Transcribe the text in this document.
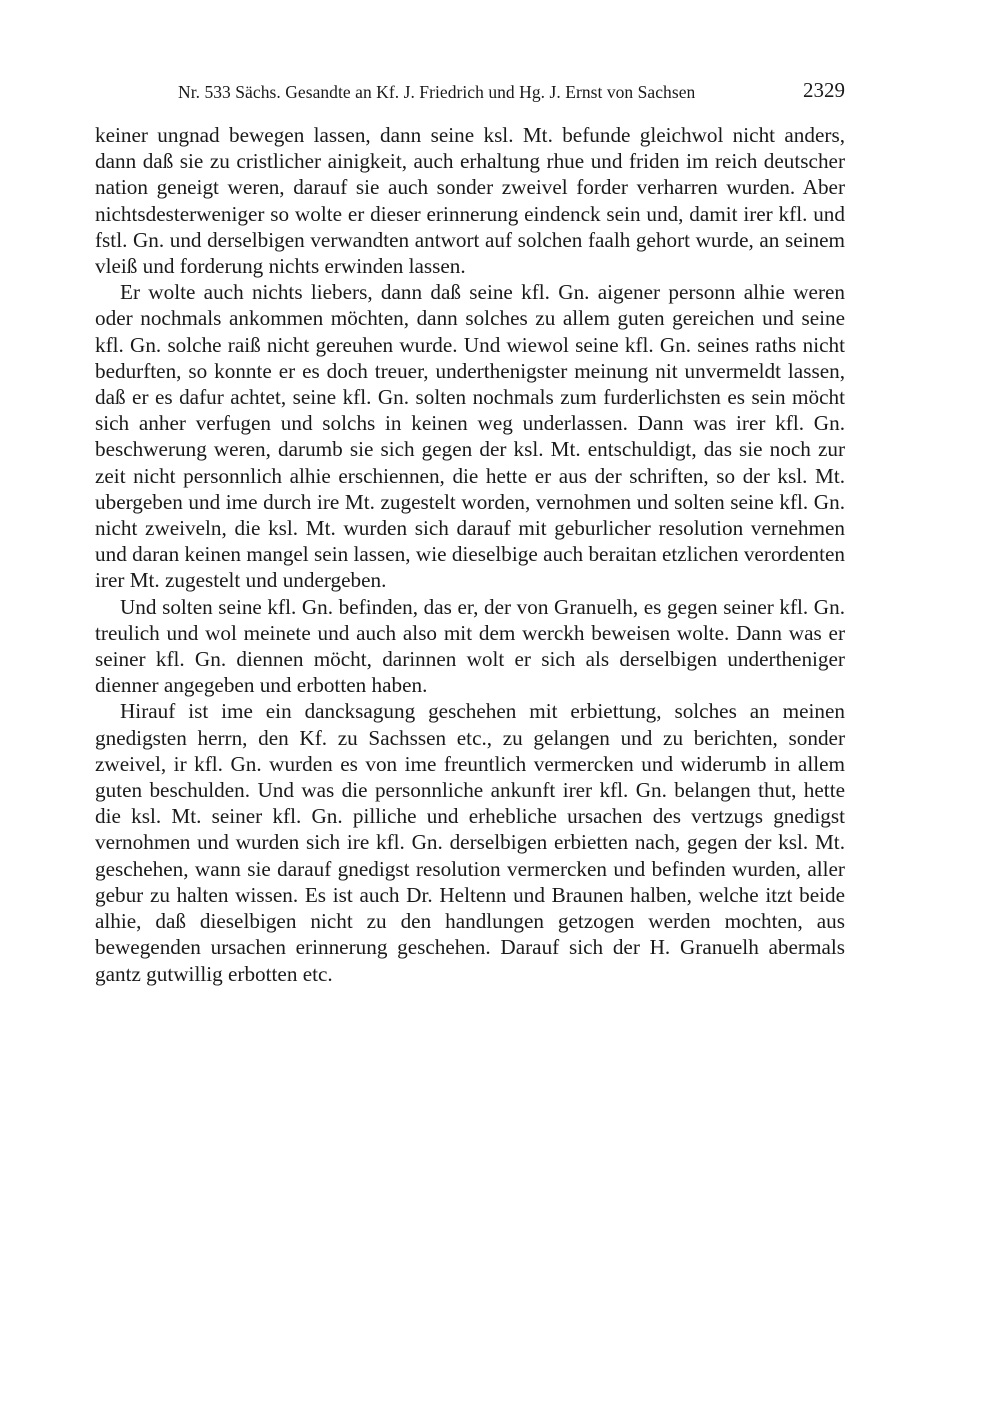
Nr. 533 Sächs. Gesandte an Kf. J. Friedrich und Hg. J. Ernst von Sachsen	2329

keiner ungnad bewegen lassen, dann seine ksl. Mt. befunde gleichwol nicht anders, dann daß sie zu cristlicher ainigkeit, auch erhaltung rhue und friden im reich deutscher nation geneigt weren, darauf sie auch sonder zweivel forder verharren wurden. Aber nichtsdesterweniger so wolte er dieser erinnerung eindenck sein und, damit irer kfl. und fstl. Gn. und derselbigen verwandten antwort auf solchen faalh gehort wurde, an seinem vleiß und forderung nichts erwinden lassen.

Er wolte auch nichts liebers, dann daß seine kfl. Gn. aigener personn alhie weren oder nochmals ankommen möchten, dann solches zu allem guten gereichen und seine kfl. Gn. solche raiß nicht gereuhen wurde. Und wiewol seine kfl. Gn. seines raths nicht bedurften, so konnte er es doch treuer, underthenigster meinung nit unvermeldt lassen, daß er es dafur achtet, seine kfl. Gn. solten nochmals zum furderlichsten es sein möcht sich anher verfugen und solchs in keinen weg underlassen. Dann was irer kfl. Gn. beschwerung weren, darumb sie sich gegen der ksl. Mt. entschuldigt, das sie noch zur zeit nicht personnlich alhie erschiennen, die hette er aus der schriften, so der ksl. Mt. ubergeben und ime durch ire Mt. zugestelt worden, vernohmen und solten seine kfl. Gn. nicht zweiveln, die ksl. Mt. wurden sich darauf mit geburlicher resolution vernehmen und daran keinen mangel sein lassen, wie dieselbige auch beraitan etzlichen verordenten irer Mt. zugestelt und undergeben.

Und solten seine kfl. Gn. befinden, das er, der von Granuelh, es gegen seiner kfl. Gn. treulich und wol meinete und auch also mit dem werckh beweisen wolte. Dann was er seiner kfl. Gn. diennen möcht, darinnen wolt er sich als derselbigen undertheniger dienner angegeben und erbotten haben.

Hirauf ist ime ein dancksagung geschehen mit erbiettung, solches an meinen gnedigsten herrn, den Kf. zu Sachssen etc., zu gelangen und zu berichten, sonder zweivel, ir kfl. Gn. wurden es von ime freuntlich vermercken und widerumb in allem guten beschulden. Und was die personnliche ankunft irer kfl. Gn. belangen thut, hette die ksl. Mt. seiner kfl. Gn. pilliche und erhebliche ursachen des vertzugs gnedigst vernohmen und wurden sich ire kfl. Gn. derselbigen erbietten nach, gegen der ksl. Mt. geschehen, wann sie darauf gnedigst resolution vermercken und befinden wurden, aller gebur zu halten wissen. Es ist auch Dr. Heltenn und Braunen halben, welche itzt beide alhie, daß dieselbigen nicht zu den handlungen getzogen werden mochten, aus bewegenden ursachen erinnerung geschehen. Darauf sich der H. Granuelh abermals gantz gutwillig erbotten etc.
